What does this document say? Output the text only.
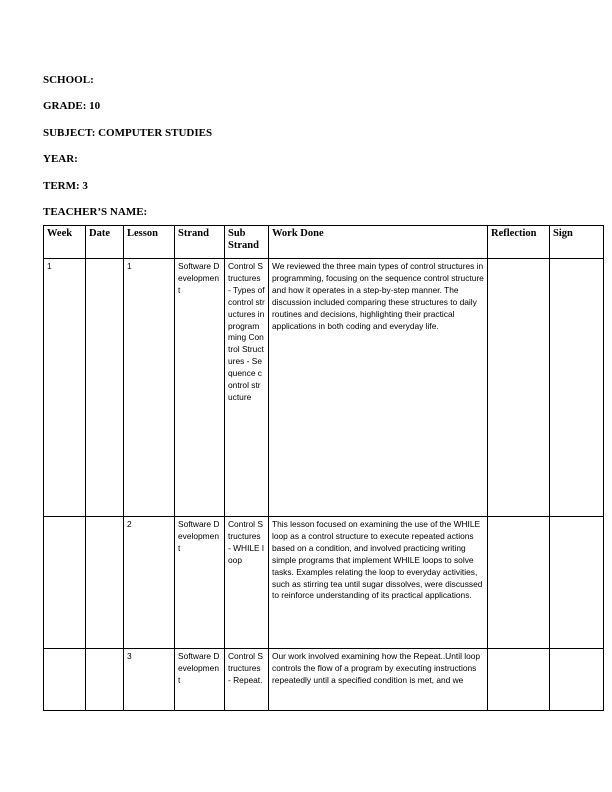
SCHOOL:
GRADE: 10
SUBJECT: COMPUTER STUDIES
YEAR:
TERM: 3
TEACHER’S NAME:
Week	Date	Lesson	Strand	Sub Strand	Work Done	Reflection	Sign
1		1	Software Development	Control Structures - Types of control structures in programming Control Structures - Sequence control structure	We reviewed the three main types of control structures in programming, focusing on the sequence control structure and how it operates in a step-by-step manner. The discussion included comparing these structures to daily routines and decisions, highlighting their practical applications in both coding and everyday life.		
		2	Software Development	Control Structures - WHILE loop	This lesson focused on examining the use of the WHILE loop as a control structure to execute repeated actions based on a condition, and involved practicing writing simple programs that implement WHILE loops to solve tasks. Examples relating the loop to everyday activities, such as stirring tea until sugar dissolves, were discussed to reinforce understanding of its practical applications.		
		3	Software Development	Control Structures - Repeat.	Our work involved examining how the Repeat..Until loop controls the flow of a program by executing instructions repeatedly until a specified condition is met, and we		
